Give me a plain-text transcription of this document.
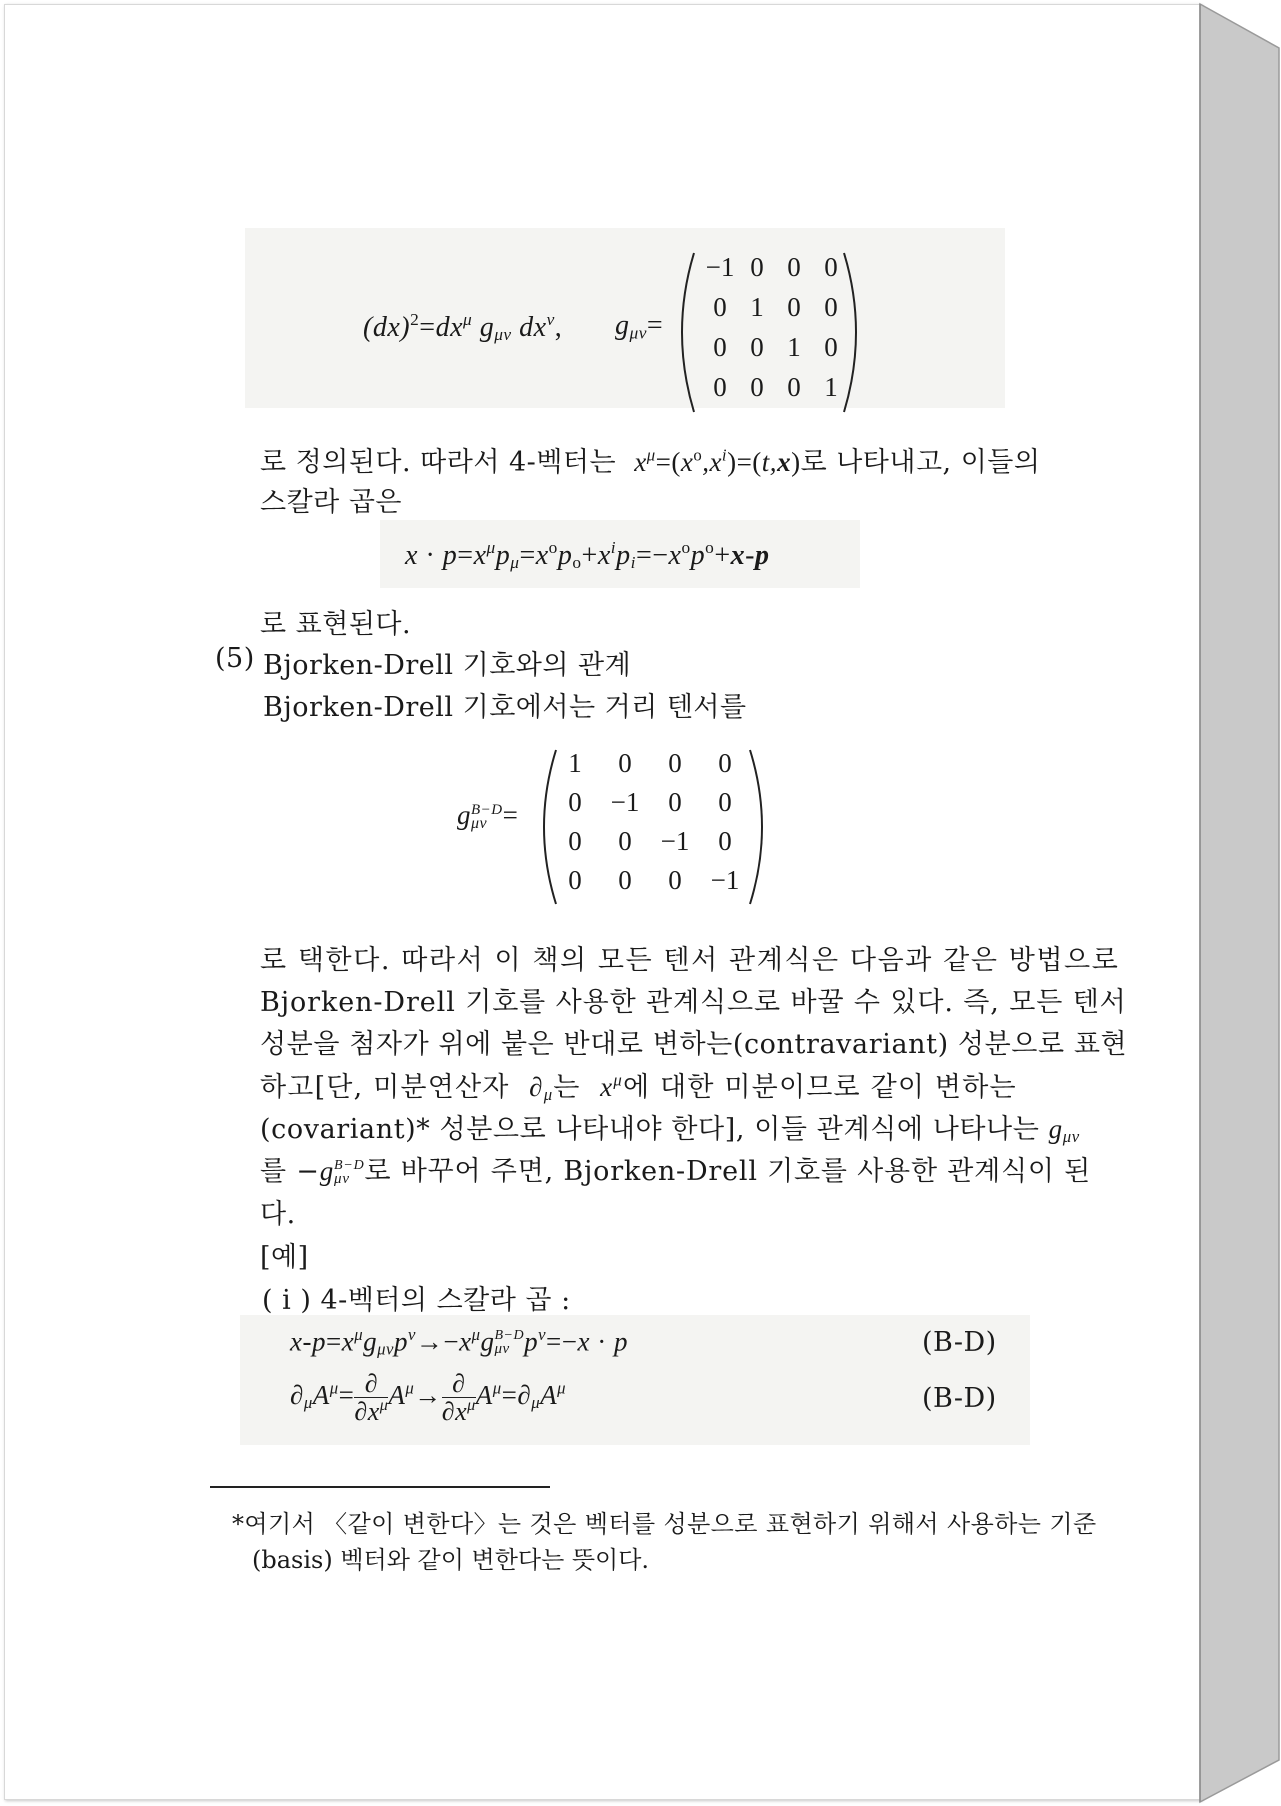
$(dx)^2=dx^\mu$ $g_{\mu\nu}$ $dx^\nu$, $g_{\mu\nu}=$
−1 0 0 0
0 1 0 0
0 0 1 0
0 0 0 1
로 정의된다. 따라서 4-벡터는 $x^\mu=(x^o,x^i)=(t,x)$로 나타내고, 이들의
스칼라 곱은
$x \cdot p=x^\mu p_\mu=x^op_o+x^ip_i=-x^op^o+x-p$
로 표현된다.
(5) Bjorken-Drell 기호와의 관계
Bjorken-Drell 기호에서는 거리 텐서를
g B−D
μν =
1	0	0	0
0	−1	0	0
0	0	−1	0
0	0	0	−1
로 택한다. 따라서 이 책의 모든 텐서 관계식은 다음과 같은 방법으로
Bjorken-Drell 기호를 사용한 관계식으로 바꿀 수 있다. 즉, 모든 텐서
성분을 첨자가 위에 붙은 반대로 변하는(contravariant) 성분으로 표현
하고[단, 미분연산자 $\partial_\mu$는 $x^\mu$에 대한 미분이므로 같이 변하는
(covariant)* 성분으로 나타내야 한다], 이들 관계식에 나타나는 $g_{\mu\nu}$
를 −g B−D
μν 로 바꾸어 주면, Bjorken-Drell 기호를 사용한 관계식이 된
다.
[예]
( i ) 4-벡터의 스칼라 곱 :
$x-p=x^\mu g_{\mu\nu}p^\nu\to-x^\mu g$ B−D
μν $p^\nu=-x \cdot p$	(B-D)
$\partial_\mu A^\mu= \frac{\partial}{\partial x^\mu} A^\mu\to \frac{\partial}{\partial x^\mu} A^\mu=\partial_\mu A^\mu$	(B-D)
*여기서 〈같이 변한다〉는 것은 벡터를 성분으로 표현하기 위해서 사용하는 기준
(basis) 벡터와 같이 변한다는 뜻이다.
